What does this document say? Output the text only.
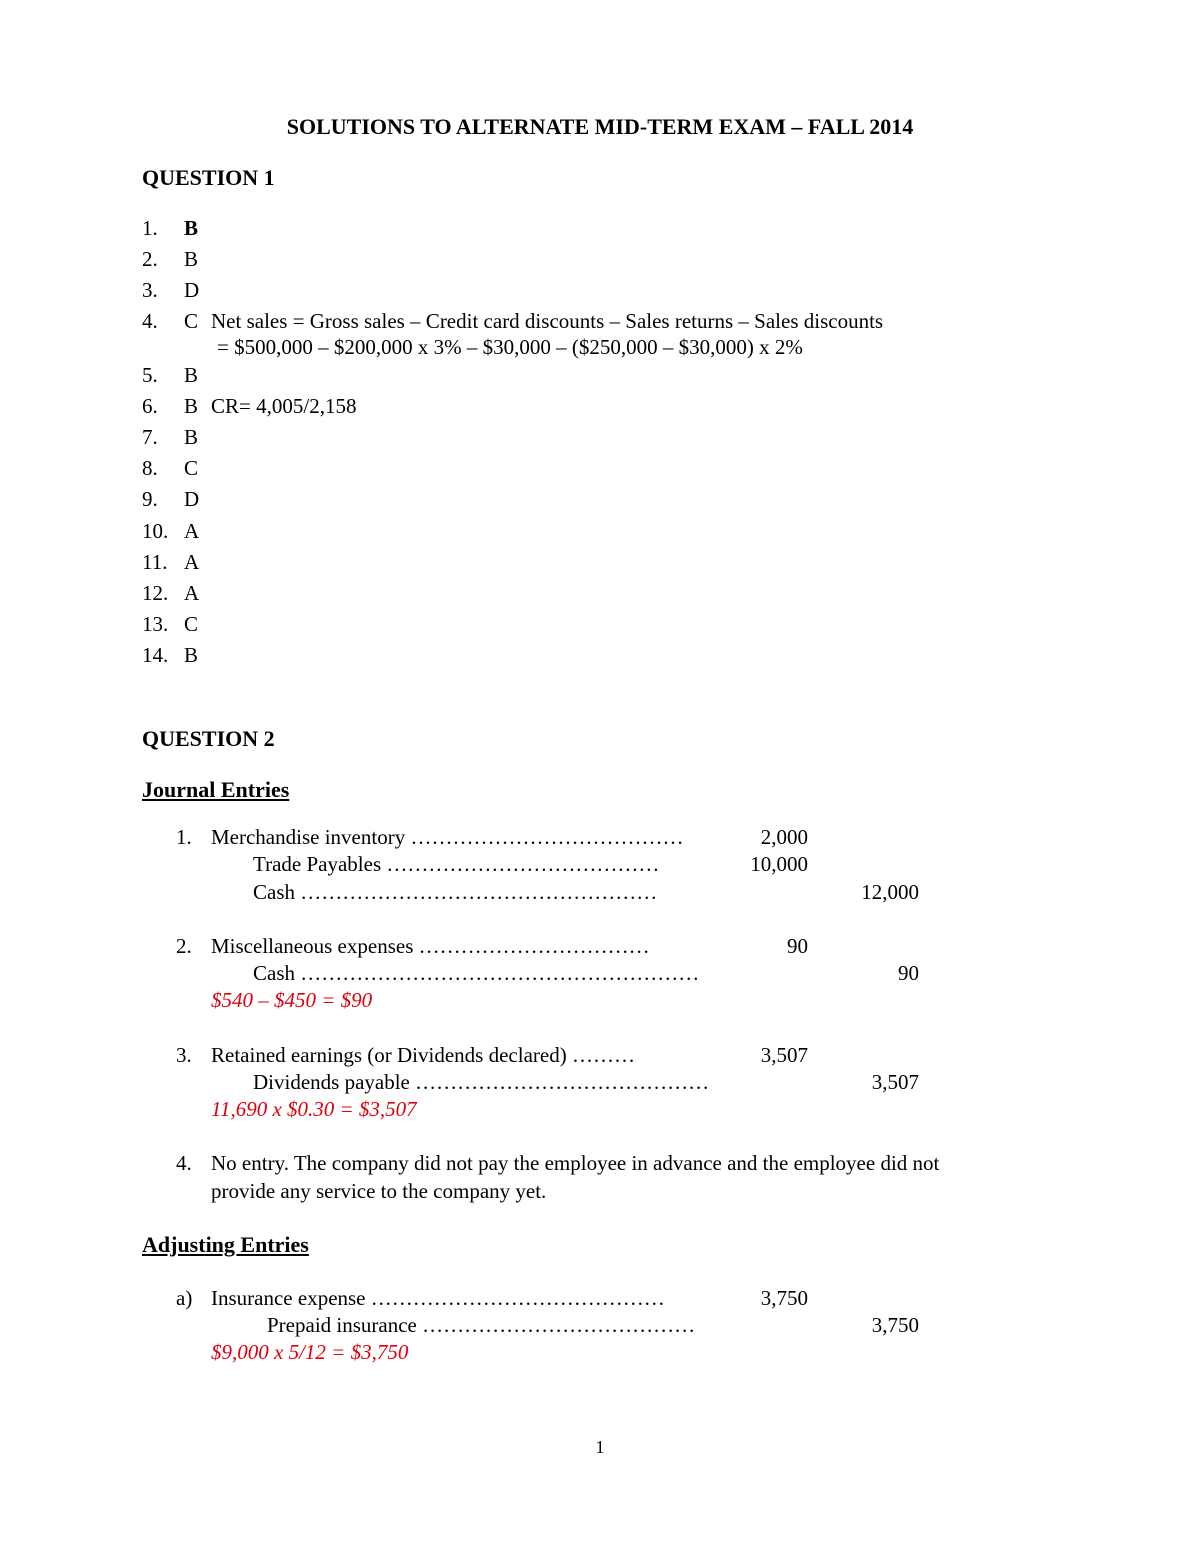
SOLUTIONS TO ALTERNATE MID-TERM EXAM – FALL 2014
QUESTION 1
1. B
2. B
3. D
4. C Net sales = Gross sales – Credit card discounts – Sales returns – Sales discounts
= $500,000 – $200,000 x 3% – $30,000 – ($250,000 – $30,000) x 2%
5. B
6. B CR= 4,005/2,158
7. B
8. C
9. D
10. A
11. A
12. A
13. C
14. B
QUESTION 2
Journal Entries
1. Merchandise inventory …………………………………	2,000
Trade Payables …………………………………	10,000
Cash ……………………………………………	12,000
2. Miscellaneous expenses ……………………………	90
Cash …………………………………………………	90
$540 – $450 = $90
3. Retained earnings (or Dividends declared) ………	3,507
Dividends payable ……………………………………	3,507
11,690 x $0.30 = $3,507
4. No entry. The company did not pay the employee in advance and the employee did not
provide any service to the company yet.
Adjusting Entries
a) Insurance expense ……………………………………	3,750
Prepaid insurance …………………………………	3,750
$9,000 x 5/12 = $3,750
1
